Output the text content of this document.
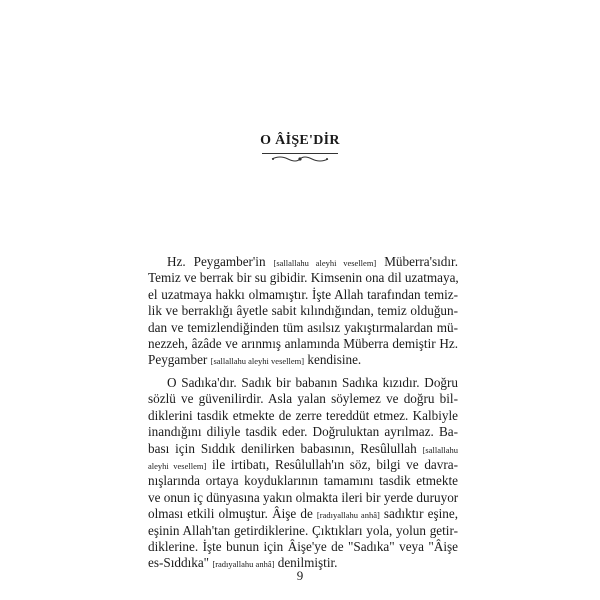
O ÂİŞE'DİR
Hz. Peygamber'in [sallallahu aleyhi vesellem] Müberra'sıdır.
Temiz ve berrak bir su gibidir. Kimsenin ona dil uzatmaya,
el uzatmaya hakkı olmamıştır. İşte Allah tarafından temiz-
lik ve berraklığı âyetle sabit kılındığından, temiz olduğun-
dan ve temizlendiğinden tüm asılsız yakıştırmalardan mü-
nezzeh, âzâde ve arınmış anlamında Müberra demiştir Hz.
Peygamber [sallallahu aleyhi vesellem] kendisine.
O Sadıka'dır. Sadık bir babanın Sadıka kızıdır. Doğru
sözlü ve güvenilirdir. Asla yalan söylemez ve doğru bil-
diklerini tasdik etmekte de zerre tereddüt etmez. Kalbiyle
inandığını diliyle tasdik eder. Doğruluktan ayrılmaz. Ba-
bası için Sıddık denilirken babasının, Resûlullah [sallallahu
aleyhi vesellem] ile irtibatı, Resûlullah'ın söz, bilgi ve davra-
nışlarında ortaya koyduklarının tamamını tasdik etmekte
ve onun iç dünyasına yakın olmakta ileri bir yerde duruyor
olması etkili olmuştur. Âişe de [radıyallahu anhâ] sadıktır eşine,
eşinin Allah'tan getirdiklerine. Çıktıkları yola, yolun getir-
diklerine. İşte bunun için Âişe'ye de "Sadıka" veya "Âişe
es-Sıddıka" [radıyallahu anhâ] denilmiştir.
9
